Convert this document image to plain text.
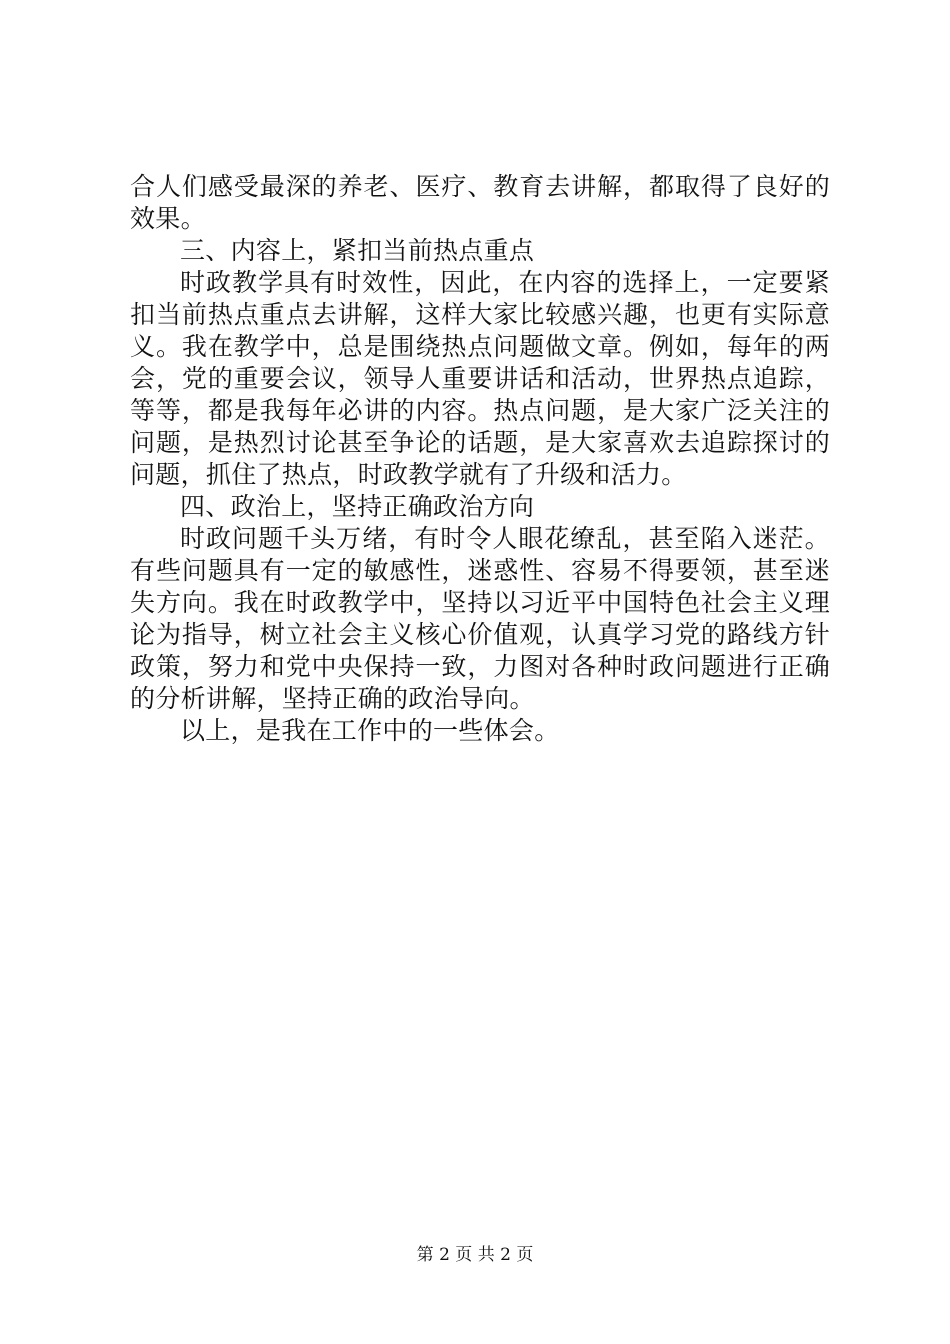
合人们感受最深的养老、医疗、教育去讲解，都取得了良好的
效果。
三、内容上，紧扣当前热点重点
时政教学具有时效性，因此，在内容的选择上，一定要紧
扣当前热点重点去讲解，这样大家比较感兴趣，也更有实际意
义。我在教学中，总是围绕热点问题做文章。例如，每年的两
会，党的重要会议，领导人重要讲话和活动，世界热点追踪，
等等，都是我每年必讲的内容。热点问题，是大家广泛关注的
问题，是热烈讨论甚至争论的话题，是大家喜欢去追踪探讨的
问题，抓住了热点，时政教学就有了升级和活力。
四、政治上，坚持正确政治方向
时政问题千头万绪，有时令人眼花缭乱，甚至陷入迷茫。
有些问题具有一定的敏感性，迷惑性、容易不得要领，甚至迷
失方向。我在时政教学中，坚持以习近平中国特色社会主义理
论为指导，树立社会主义核心价值观，认真学习党的路线方针
政策，努力和党中央保持一致，力图对各种时政问题进行正确
的分析讲解，坚持正确的政治导向。
以上，是我在工作中的一些体会。
第 2 页 共 2 页
